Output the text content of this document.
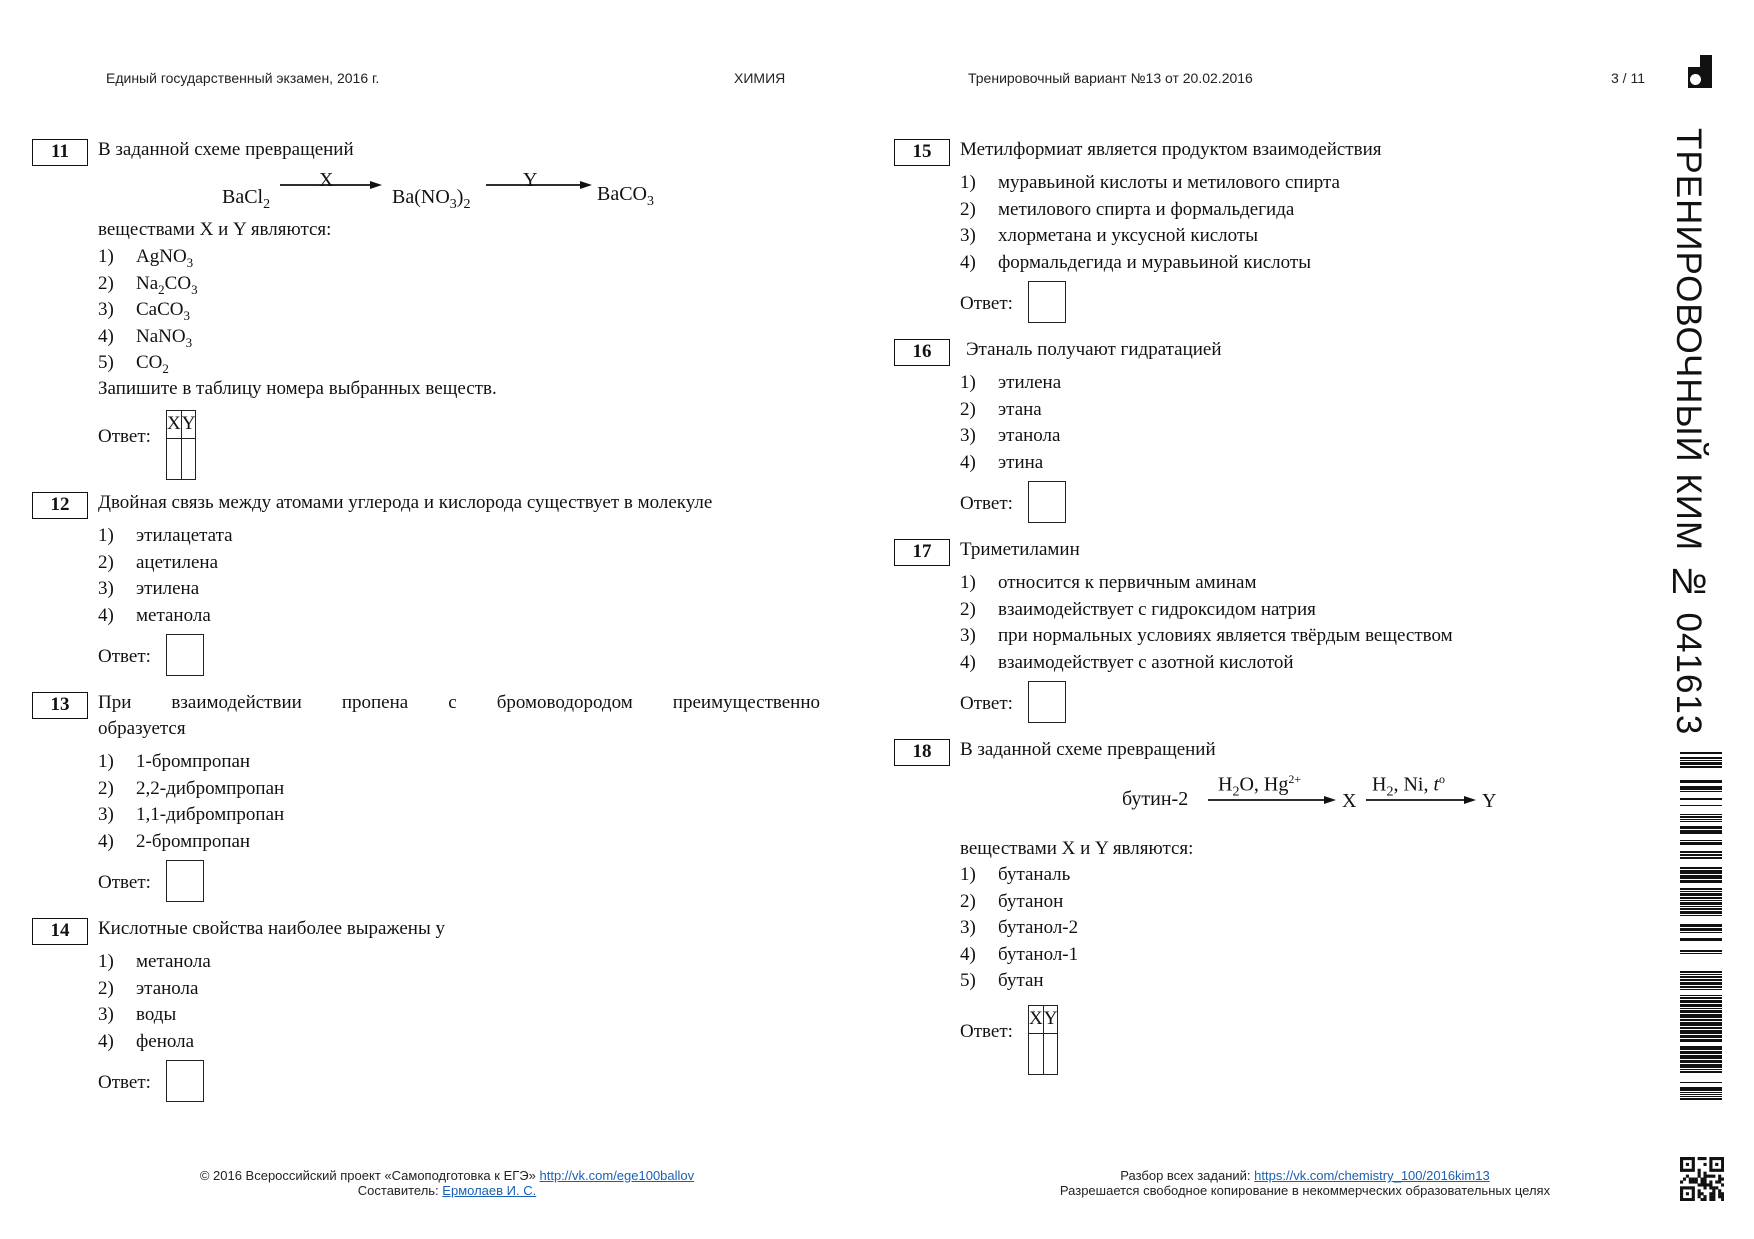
Единый государственный экзамен, 2016 г.	ХИМИЯ	Тренировочный вариант №13 от 20.02.2016	3 / 11
11	В заданной схеме превращений
BaCl$_2$
X
$Ba(NO_3)_2$
Y
BaCO$_3$
веществами X и Y являются:
1) AgNO$_3$
2) $Na_2CO_3$
3) CaCO$_3$
4) NaNO$_3$
5) $CO_2$
Запишите в таблицу номера выбранных веществ.
Ответ:
X	Y

12	Двойная связь между атомами углерода и кислорода существует в молекуле
1) этилацетата
2) ацетилена
3) этилена
4) метанола
Ответ:
13	При взаимодействии пропена с бромоводородом преимущественно
образуется
1) 1-бромпропан
2) 2,2-дибромпропан
3) 1,1-дибромпропан
4) 2-бромпропан
Ответ:
14	Кислотные свойства наиболее выражены у
1) метанола
2) этанола
3) воды
4) фенола
Ответ:
15	Метилформиат является продуктом взаимодействия
1) муравьиной кислоты и метилового спирта
2) метилового спирта и формальдегида
3) хлорметана и уксусной кислоты
4) формальдегида и муравьиной кислоты
Ответ:
16	Этаналь получают гидратацией
1) этилена
2) этана
3) этанола
4) этина
Ответ:
17	Триметиламин
1) относится к первичным аминам
2) взаимодействует с гидроксидом натрия
3) при нормальных условиях является твёрдым веществом
4) взаимодействует с азотной кислотой
Ответ:
18	В заданной схеме превращений
бутин-2
$H_2O$, $Hg^{2+}$
X
$H_2$, Ni, $t^o$
Y
веществами X и Y являются:
1) бутаналь
2) бутанон
3) бутанол-2
4) бутанол-1
5) бутан
Ответ:
X	Y

ТРЕНИРОВОЧНЫЙ КИМ № 041613
© 2016 Всероссийский проект «Самоподготовка к ЕГЭ» http://vk.com/ege100ballov
Составитель: Ермолаев И. С.
Разбор всех заданий: https://vk.com/chemistry_100/2016kim13
Разрешается свободное копирование в некоммерческих образовательных целях
